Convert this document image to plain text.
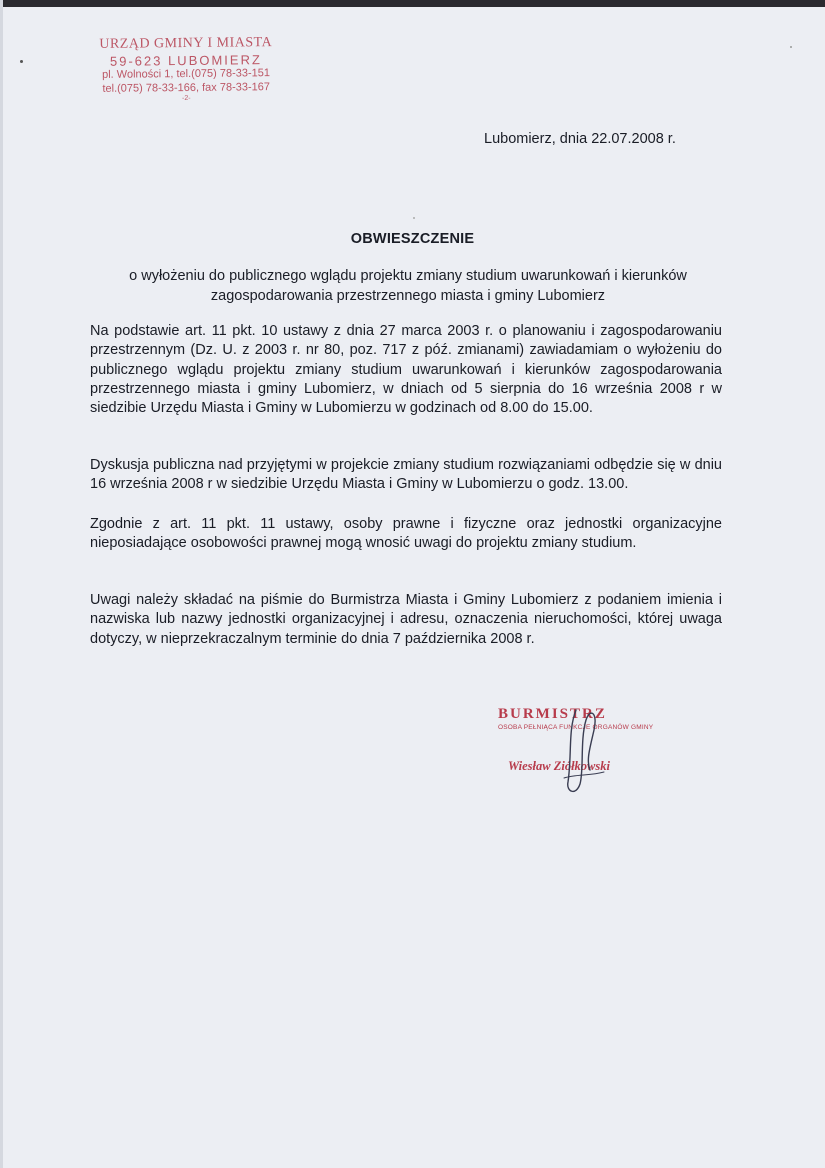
URZĄD GMINY I MIASTA
59-623 LUBOMIERZ
pl. Wolności 1, tel.(075) 78-33-151
tel.(075) 78-33-166, fax 78-33-167
-2-
Lubomierz, dnia 22.07.2008 r.
OBWIESZCZENIE
o wyłożeniu do publicznego wglądu projektu zmiany studium uwarunkowań i kierunków zagospodarowania przestrzennego miasta i gminy Lubomierz
Na podstawie art. 11 pkt. 10 ustawy z dnia 27 marca 2003 r. o planowaniu i zagospodarowaniu przestrzennym (Dz. U. z 2003 r. nr 80, poz. 717 z póź. zmianami) zawiadamiam o wyłożeniu do publicznego wglądu projektu zmiany studium uwarunkowań i kierunków zagospodarowania przestrzennego miasta i gminy Lubomierz, w dniach od 5 sierpnia do 16 września 2008 r w siedzibie Urzędu Miasta i Gminy w Lubomierzu w godzinach od 8.00 do 15.00.
Dyskusja publiczna nad przyjętymi w projekcie zmiany studium rozwiązaniami odbędzie się w dniu 16 września 2008 r w siedzibie Urzędu Miasta i Gminy w Lubomierzu o godz. 13.00.
Zgodnie z art. 11 pkt. 11 ustawy, osoby prawne i fizyczne oraz jednostki organizacyjne nieposiadające osobowości prawnej mogą wnosić uwagi do projektu zmiany studium.
Uwagi należy składać na piśmie do Burmistrza Miasta i Gminy Lubomierz z podaniem imienia i nazwiska lub nazwy jednostki organizacyjnej i adresu, oznaczenia nieruchomości, której uwaga dotyczy, w nieprzekraczalnym terminie do dnia 7 października 2008 r.
BURMISTRZ
OSOBA PEŁNIĄCA FUNKCJE ORGANÓW GMINY
Wiesław Ziółkowski
